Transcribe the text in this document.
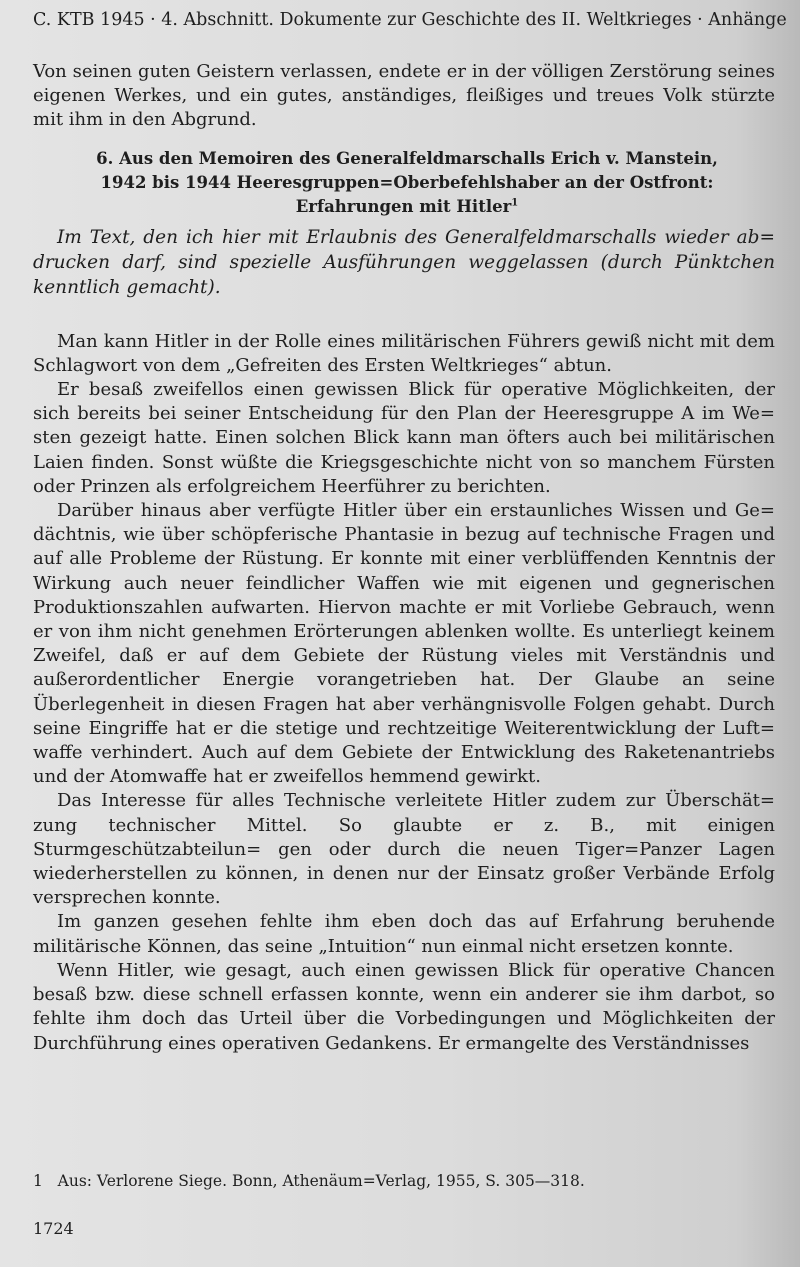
C. KTB 1945 · 4. Abschnitt. Dokumente zur Geschichte des II. Weltkrieges · Anhänge

Von seinen guten Geistern verlassen, endete er in der völligen Zerstörung seines eigenen Werkes, und ein gutes, anständiges, fleißiges und treues Volk stürzte mit ihm in den Abgrund.

6. Aus den Memoiren des Generalfeldmarschalls Erich v. Manstein,
1942 bis 1944 Heeresgruppen=Oberbefehlshaber an der Ostfront:
Erfahrungen mit Hitler$^1$

Im Text, den ich hier mit Erlaubnis des Generalfeldmarschalls wieder ab= drucken darf, sind spezielle Ausführungen weggelassen (durch Pünktchen kenntlich gemacht).

Man kann Hitler in der Rolle eines militärischen Führers gewiß nicht mit dem Schlagwort von dem „Gefreiten des Ersten Weltkrieges“ abtun.

Er besaß zweifellos einen gewissen Blick für operative Möglichkeiten, der sich bereits bei seiner Entscheidung für den Plan der Heeresgruppe A im We= sten gezeigt hatte. Einen solchen Blick kann man öfters auch bei militärischen Laien finden. Sonst wüßte die Kriegsgeschichte nicht von so manchem Fürsten oder Prinzen als erfolgreichem Heerführer zu berichten.

Darüber hinaus aber verfügte Hitler über ein erstaunliches Wissen und Ge= dächtnis, wie über schöpferische Phantasie in bezug auf technische Fragen und auf alle Probleme der Rüstung. Er konnte mit einer verblüffenden Kenntnis der Wirkung auch neuer feindlicher Waffen wie mit eigenen und gegnerischen Produktionszahlen aufwarten. Hiervon machte er mit Vorliebe Gebrauch, wenn er von ihm nicht genehmen Erörterungen ablenken wollte. Es unterliegt keinem Zweifel, daß er auf dem Gebiete der Rüstung vieles mit Verständnis und außerordentlicher Energie vorangetrieben hat. Der Glaube an seine Überlegenheit in diesen Fragen hat aber verhängnisvolle Folgen gehabt. Durch seine Eingriffe hat er die stetige und rechtzeitige Weiterentwicklung der Luft= waffe verhindert. Auch auf dem Gebiete der Entwicklung des Raketenantriebs und der Atomwaffe hat er zweifellos hemmend gewirkt.

Das Interesse für alles Technische verleitete Hitler zudem zur Überschät= zung technischer Mittel. So glaubte er z. B., mit einigen Sturmgeschützabteilun= gen oder durch die neuen Tiger=Panzer Lagen wiederherstellen zu können, in denen nur der Einsatz großer Verbände Erfolg versprechen konnte.

Im ganzen gesehen fehlte ihm eben doch das auf Erfahrung beruhende militärische Können, das seine „Intuition“ nun einmal nicht ersetzen konnte.

Wenn Hitler, wie gesagt, auch einen gewissen Blick für operative Chancen besaß bzw. diese schnell erfassen konnte, wenn ein anderer sie ihm darbot, so fehlte ihm doch das Urteil über die Vorbedingungen und Möglichkeiten der Durchführung eines operativen Gedankens. Er ermangelte des Verständnisses

1 Aus: Verlorene Siege. Bonn, Athenäum=Verlag, 1955, S. 305—318.
1724
